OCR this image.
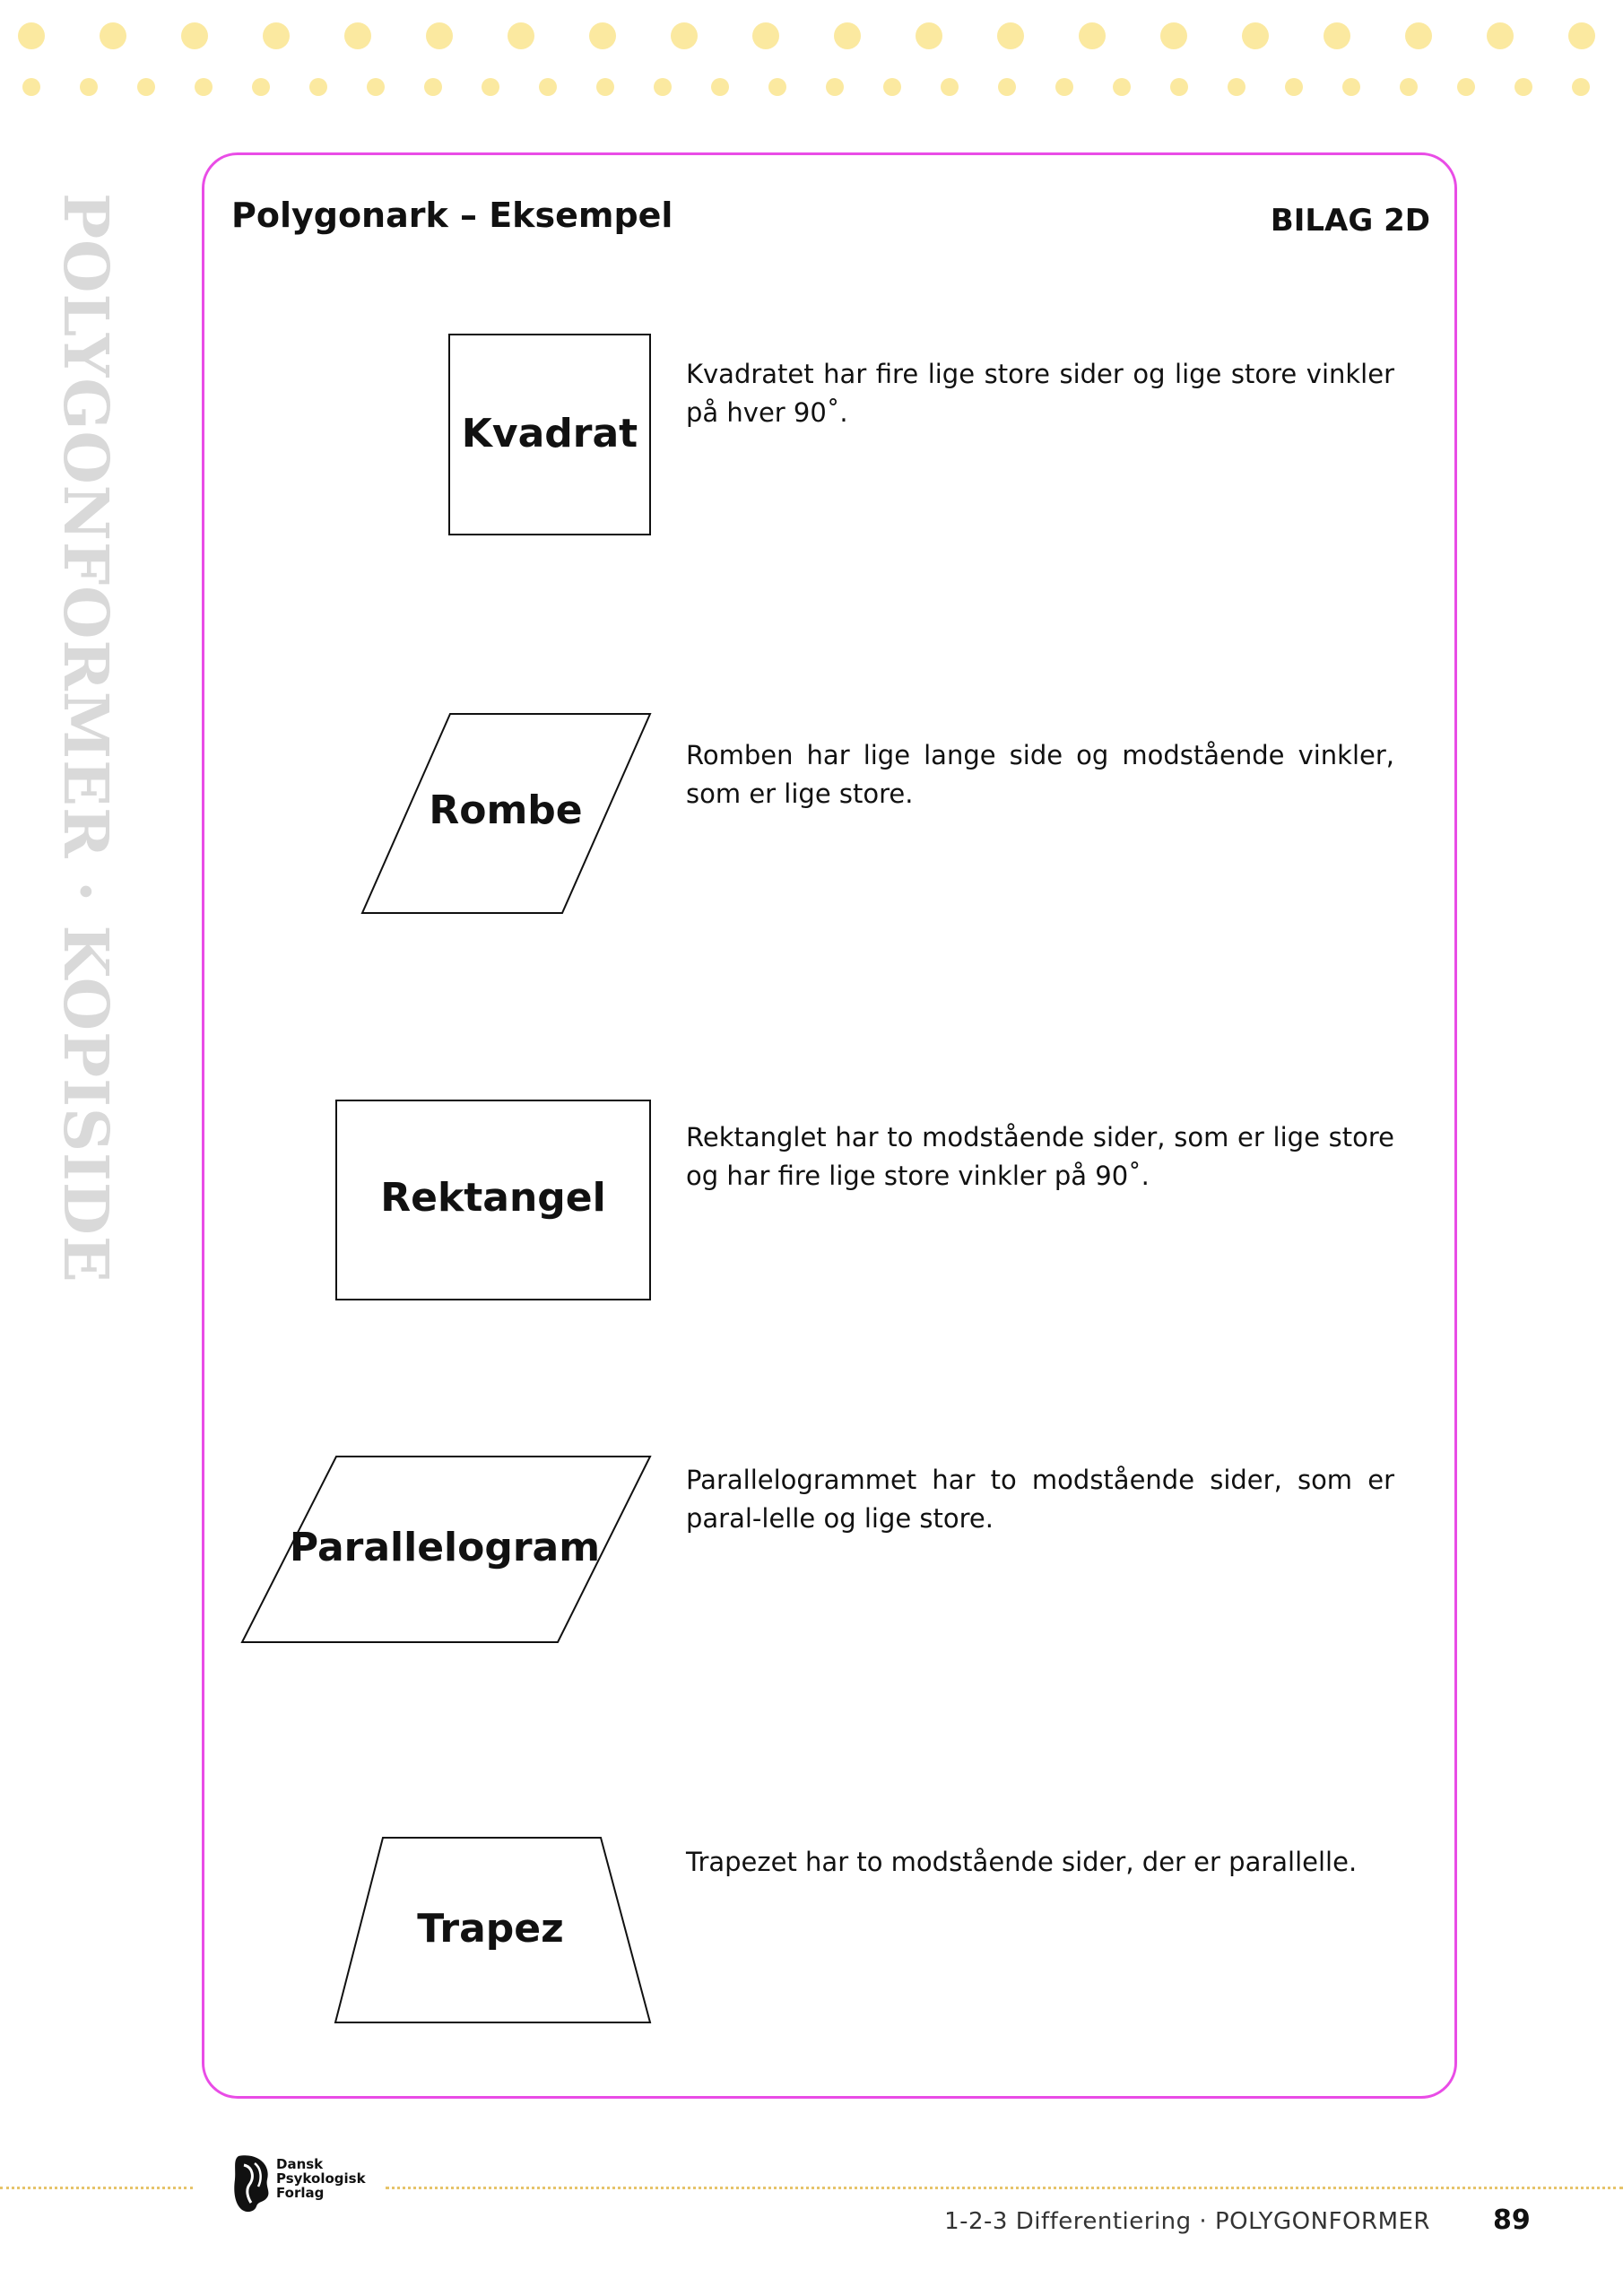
POLYGONFORMER · KOPISIDE	Polygonark – Eksempel	BILAG 2D
Kvadrat
Rombe
Rektangel
Parallelogram
Trapez
Kvadratet har fire lige store sider og lige store vinkler på hver 90˚.
Romben har lige lange side og modstående vinkler, som er lige store.
Rektanglet har to modstående sider, som er lige store og har fire lige store vinkler på 90˚.
Parallelogrammet har to modstående sider, som er paral-lelle og lige store.
Trapezet har to modstående sider, der er parallelle.
Dansk
Psykologisk
Forlag
1-2-3 Differentiering · POLYGONFORMER 89
